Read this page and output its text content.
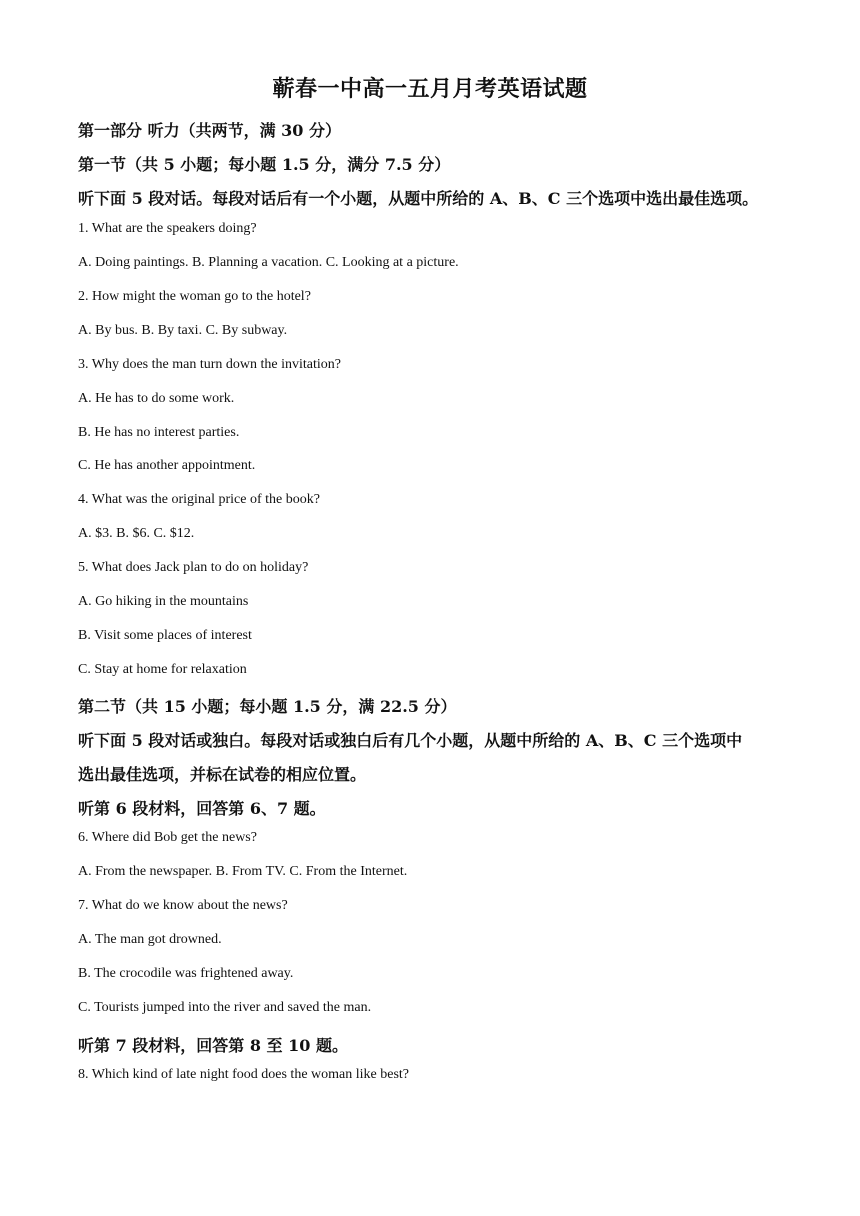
蕲春一中高一五月月考英语试题

第一部分 听力（共两节，满 30 分）

第一节（共 5 小题；每小题 1.5 分，满分 7.5 分）

听下面 5 段对话。每段对话后有一个小题，从题中所给的 A、B、C 三个选项中选出最佳选项。

1. What are the speakers doing?

A. Doing paintings. B. Planning a vacation. C. Looking at a picture.

2. How might the woman go to the hotel?

A. By bus. B. By taxi. C. By subway.

3. Why does the man turn down the invitation?

A. He has to do some work.

B. He has no interest parties.

C. He has another appointment.

4. What was the original price of the book?

A. $3. B. $6. C. $12.

5. What does Jack plan to do on holiday?

A. Go hiking in the mountains

B. Visit some places of interest

C. Stay at home for relaxation

第二节（共 15 小题；每小题 1.5 分，满 22.5 分）

听下面 5 段对话或独白。每段对话或独白后有几个小题，从题中所给的 A、B、C 三个选项中

选出最佳选项，并标在试卷的相应位置。

听第 6 段材料，回答第 6、7 题。

6. Where did Bob get the news?

A. From the newspaper. B. From TV. C. From the Internet.

7. What do we know about the news?

A. The man got drowned.

B. The crocodile was frightened away.

C. Tourists jumped into the river and saved the man.

听第 7 段材料，回答第 8 至 10 题。

8. Which kind of late night food does the woman like best?
